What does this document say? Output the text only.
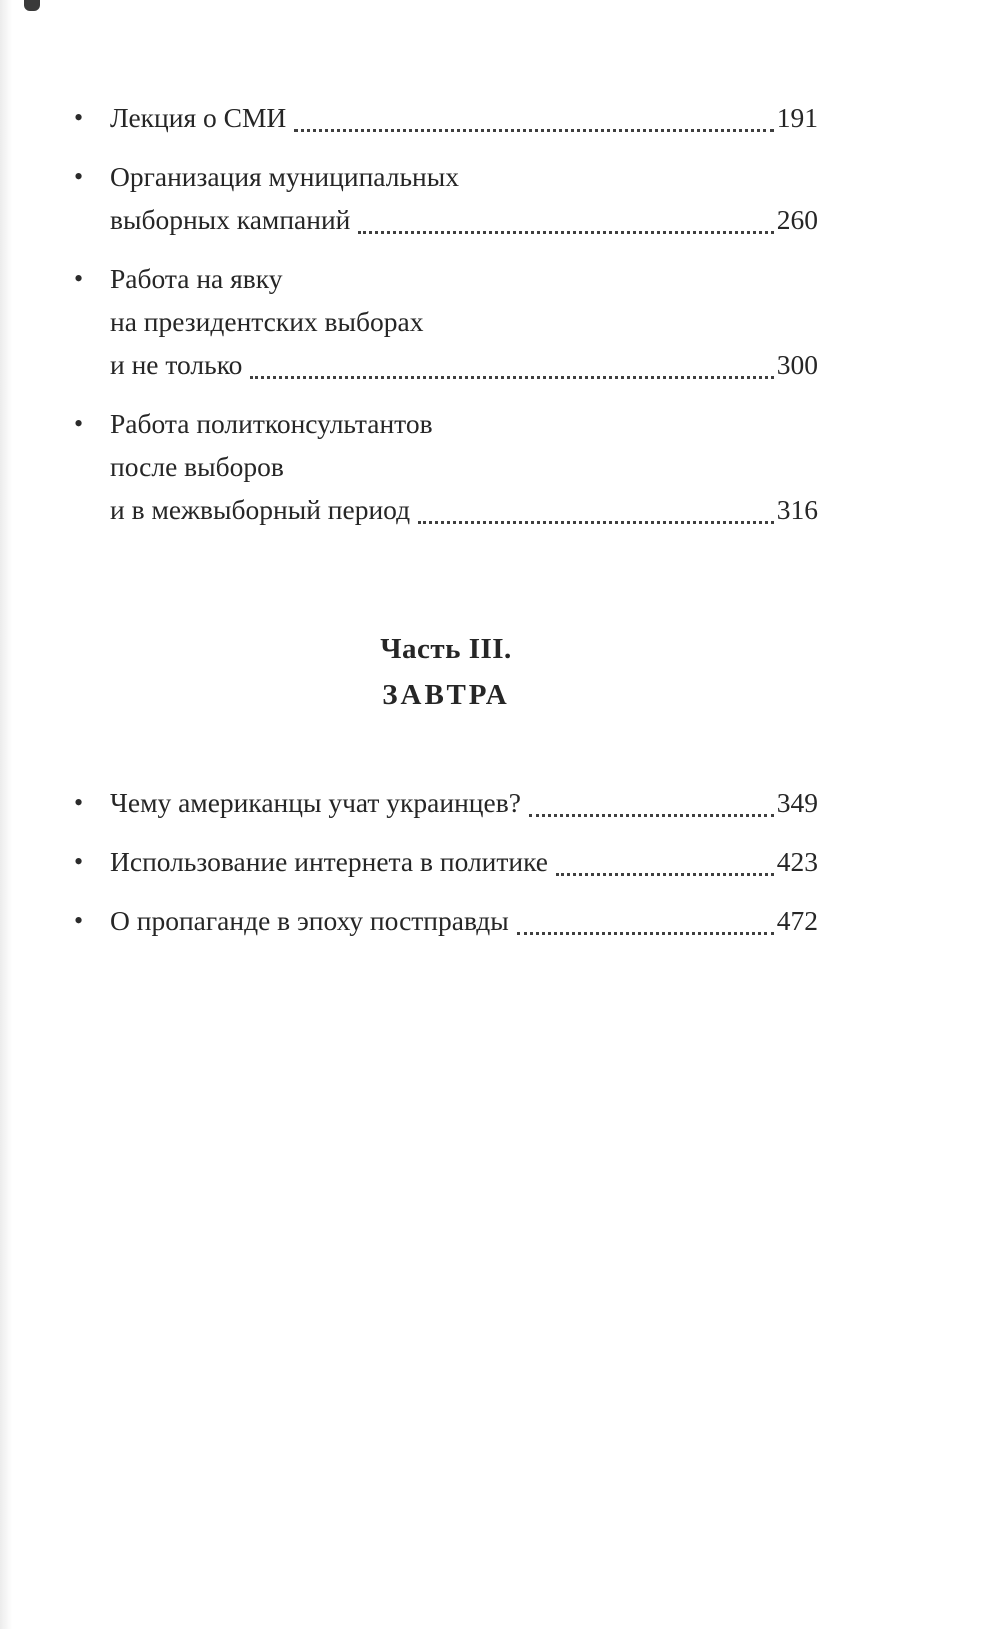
• Лекция о СМИ	191
• Организация муниципальных
выборных кампаний	260
• Работа на явку
на президентских выборах
и не только	300
• Работа политконсультантов
после выборов
и в межвыборный период	316
Часть III.
ЗАВТРА
• Чему американцы учат украинцев?	349
• Использование интернета в политике	423
• О пропаганде в эпоху постправды	472
